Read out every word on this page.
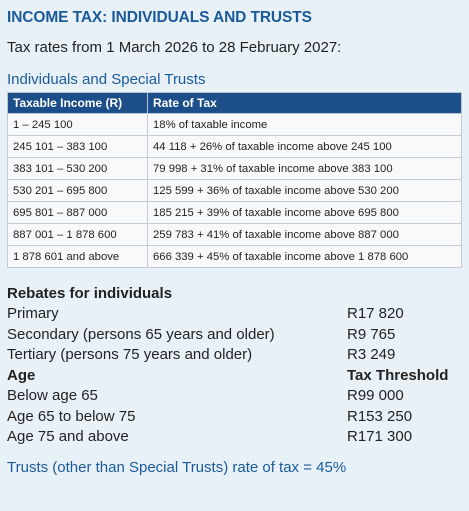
INCOME TAX: INDIVIDUALS AND TRUSTS
Tax rates from 1 March 2026 to 28 February 2027:
Individuals and Special Trusts
Taxable Income (R)	Rate of Tax
1 – 245 100	18% of taxable income
245 101 – 383 100	44 118 + 26% of taxable income above 245 100
383 101 – 530 200	79 998 + 31% of taxable income above 383 100
530 201 – 695 800	125 599 + 36% of taxable income above 530 200
695 801 – 887 000	185 215 + 39% of taxable income above 695 800
887 001 – 1 878 600	259 783 + 41% of taxable income above 887 000
1 878 601 and above	666 339 + 45% of taxable income above 1 878 600
Rebates for individuals
Primary	R17 820
Secondary (persons 65 years and older)	R9 765
Tertiary (persons 75 years and older)	R3 249
Age	Tax Threshold
Below age 65	R99 000
Age 65 to below 75	R153 250
Age 75 and above	R171 300
Trusts (other than Special Trusts) rate of tax = 45%
